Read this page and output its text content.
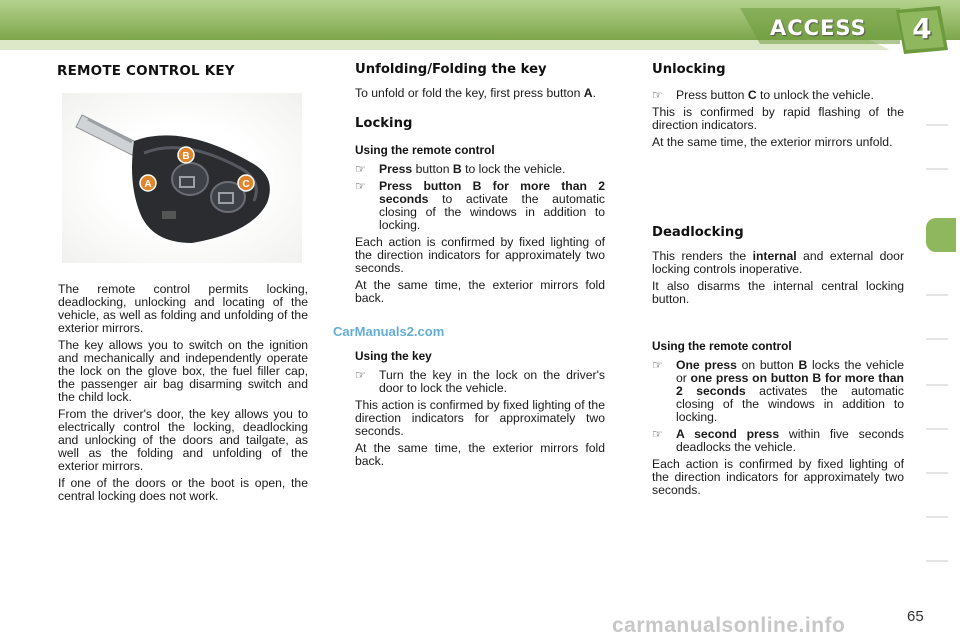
ACCESS 4
REMOTE CONTROL KEY
B
A	C

The remote control permits locking, deadlocking, unlocking and locating of the vehicle, as well as folding and unfolding of the exterior mirrors.

The key allows you to switch on the ignition and mechanically and independently operate the lock on the glove box, the fuel filler cap, the passenger air bag disarming switch and the child lock.

From the driver's door, the key allows you to electrically control the locking, deadlocking and unlocking of the doors and tailgate, as well as the folding and unfolding of the exterior mirrors.

If one of the doors or the boot is open, the central locking does not work.

CarManuals2.com
Unfolding/Folding the key

To unfold or fold the key, first press button A.

Locking
Using the remote control
☞	Press button B to lock the vehicle.
☞	Press button B for more than 2 seconds to activate the automatic closing of the windows in addition to locking.

Each action is confirmed by fixed lighting of the direction indicators for approximately two seconds.

At the same time, the exterior mirrors fold back.

Using the key
☞	Turn the key in the lock on the driver's door to lock the vehicle.

This action is confirmed by fixed lighting of the direction indicators for approximately two seconds.

At the same time, the exterior mirrors fold back.

Unlocking
☞	Press button C to unlock the vehicle.

This is confirmed by rapid flashing of the direction indicators.

At the same time, the exterior mirrors unfold.

Deadlocking

This renders the internal and external door locking controls inoperative.

It also disarms the internal central locking button.

Using the remote control
☞	One press on button B locks the vehicle or one press on button B for more than 2 seconds activates the automatic closing of the windows in addition to locking.
☞	A second press within five seconds deadlocks the vehicle.

Each action is confirmed by fixed lighting of the direction indicators for approximately two seconds.

carmanualsonline.info	65
